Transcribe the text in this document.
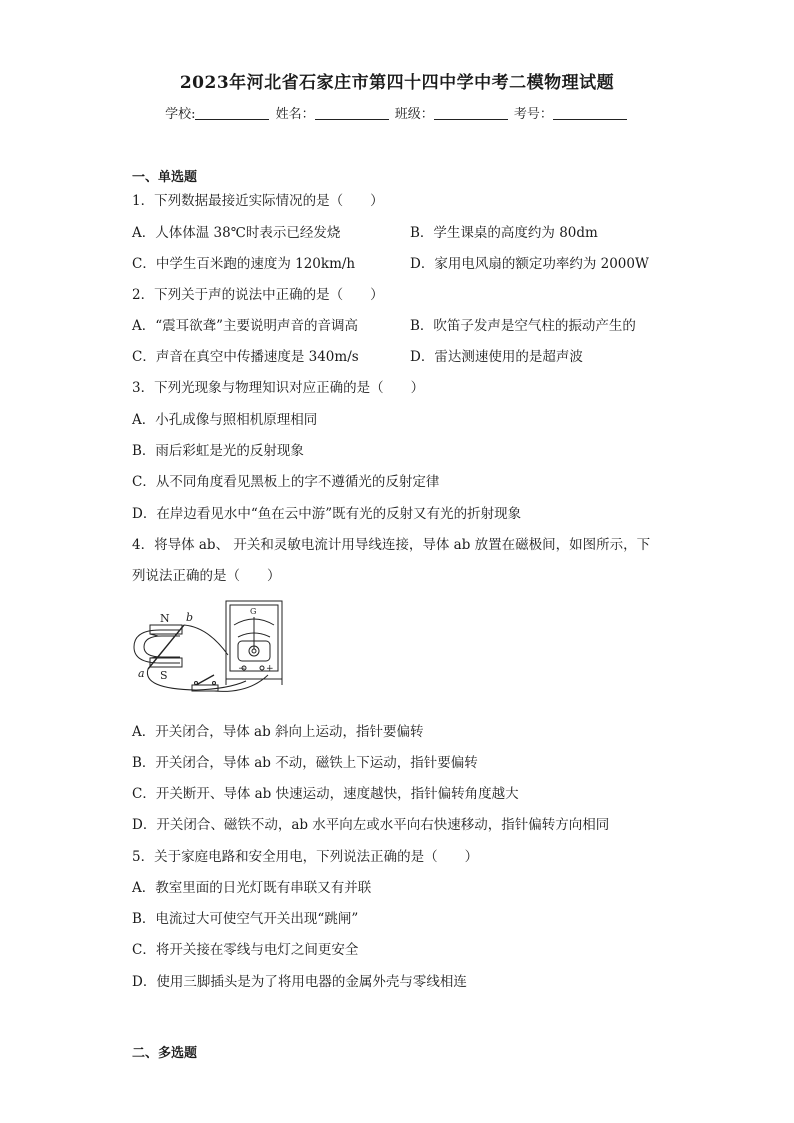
2023年河北省石家庄市第四十四中学中考二模物理试题
学校:	姓名：	班级：	考号：
一、单选题
1．下列数据最接近实际情况的是（　　）
A．人体体温 38℃时表示已经发烧	B．学生课桌的高度约为 80dm
C．中学生百米跑的速度为 120km/h	D．家用电风扇的额定功率约为 2000W
2．下列关于声的说法中正确的是（　　）
A．“震耳欲聋”主要说明声音的音调高	B．吹笛子发声是空气柱的振动产生的
C．声音在真空中传播速度是 340m/s	D．雷达测速使用的是超声波
3．下列光现象与物理知识对应正确的是（　　）
A．小孔成像与照相机原理相同
B．雨后彩虹是光的反射现象
C．从不同角度看见黑板上的字不遵循光的反射定律
D．在岸边看见水中“鱼在云中游”既有光的反射又有光的折射现象
4．将导体 ab、 开关和灵敏电流计用导线连接，导体 ab 放置在磁极间，如图所示，下
列说法正确的是（　　）
N
S
a
b	G
+
−
A．开关闭合，导体 ab 斜向上运动，指针要偏转
B．开关闭合，导体 ab 不动，磁铁上下运动，指针要偏转
C．开关断开、导体 ab 快速运动，速度越快，指针偏转角度越大
D．开关闭合、磁铁不动，ab 水平向左或水平向右快速移动，指针偏转方向相同
5．关于家庭电路和安全用电，下列说法正确的是（　　）
A．教室里面的日光灯既有串联又有并联
B．电流过大可使空气开关出现“跳闸”
C．将开关接在零线与电灯之间更安全
D．使用三脚插头是为了将用电器的金属外壳与零线相连
二、多选题
